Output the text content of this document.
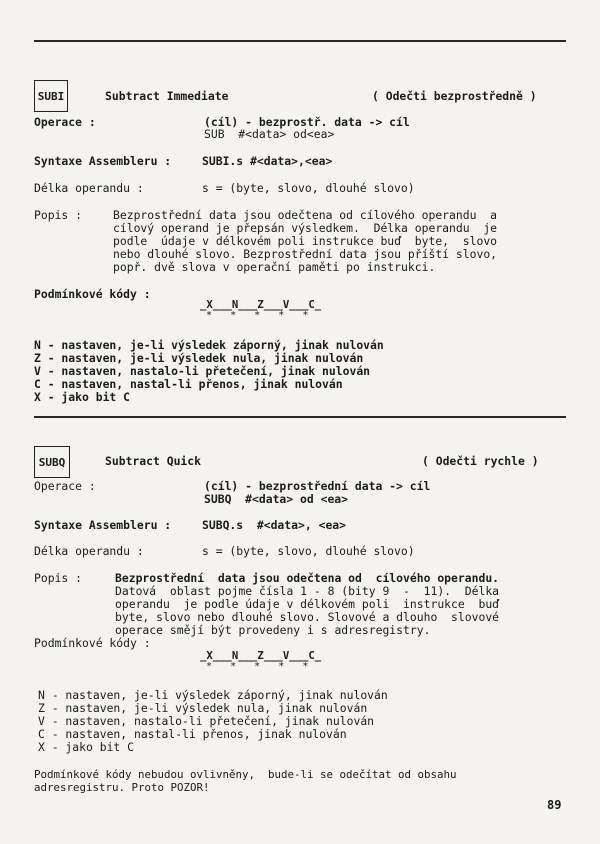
SUBI	Subtract Immediate	( Odečti bezprostředně )
Operace :	(cíl) - bezprostř. data -> cíl
SUB  #<data> od<ea>
Syntaxe Assembleru :	SUBI.s #<data>,<ea>
Délka operandu :	s = (byte, slovo, dlouhé slovo)
Popis :	Bezprostřední data jsou odečtena od cílového operandu  a
cílový operand je přepsán výsledkem.  Délka operandu  je
podle  údaje v délkovém poli instrukce buď  byte,  slovo
nebo dlouhé slovo. Bezprostřední data jsou příští slovo,
popř. dvě slova v operační paměti po instrukci.
Podmínkové kódy :
_X___N___Z___V___C_
*   *   *   *   *
N - nastaven, je-li výsledek záporný, jinak nulován
Z - nastaven, je-li výsledek nula, jinak nulován
V - nastaven, nastalo-li přetečení, jinak nulován
C - nastaven, nastal-li přenos, jinak nulován
X - jako bit C
SUBQ	Subtract Quick	( Odečti rychle )
Operace :	(cíl) - bezprostřední data -> cíl
SUBQ  #<data> od <ea>
Syntaxe Assembleru :	SUBQ.s  #<data>, <ea>
Délka operandu :	s = (byte, slovo, dlouhé slovo)
Popis :	Bezprostřední  data jsou odečtena od  cílového operandu.
Datová  oblast pojme čísla 1 - 8 (bity 9  -  11).  Délka
operandu  je podle údaje v délkovém poli  instrukce  buď
byte, slovo nebo dlouhé slovo. Slovové a dlouho  slovové
operace smějí být provedeny i s adresregistry.
Podmínkové kódy :
_X___N___Z___V___C_
*   *   *   *   *
N - nastaven, je-li výsledek záporný, jinak nulován
Z - nastaven, je-li výsledek nula, jinak nulován
V - nastaven, nastalo-li přetečení, jinak nulován
C - nastaven, nastal-li přenos, jinak nulován
X - jako bit C
Podmínkové kódy nebudou ovlivněny,  bude-li se odečítat od obsahu
adresregistru. Proto POZOR!
89
